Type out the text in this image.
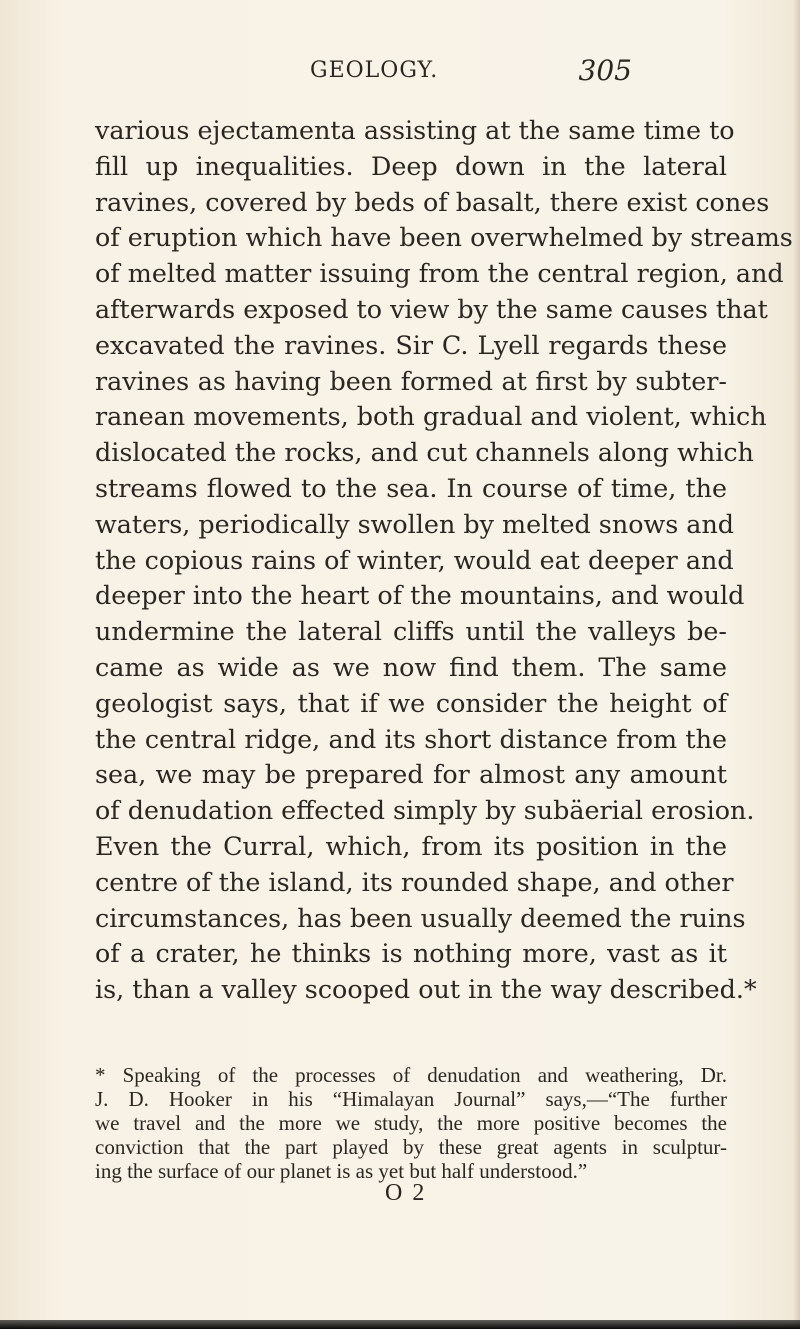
GEOLOGY.	305
various ejectamenta assisting at the same time to
fill up inequalities. Deep down in the lateral
ravines, covered by beds of basalt, there exist cones
of eruption which have been overwhelmed by streams
of melted matter issuing from the central region, and
afterwards exposed to view by the same causes that
excavated the ravines. Sir C. Lyell regards these
ravines as having been formed at first by subter-
ranean movements, both gradual and violent, which
dislocated the rocks, and cut channels along which
streams flowed to the sea. In course of time, the
waters, periodically swollen by melted snows and
the copious rains of winter, would eat deeper and
deeper into the heart of the mountains, and would
undermine the lateral cliffs until the valleys be-
came as wide as we now find them. The same
geologist says, that if we consider the height of
the central ridge, and its short distance from the
sea, we may be prepared for almost any amount
of denudation effected simply by subäerial erosion.
Even the Curral, which, from its position in the
centre of the island, its rounded shape, and other
circumstances, has been usually deemed the ruins
of a crater, he thinks is nothing more, vast as it
is, than a valley scooped out in the way described.*
* Speaking of the processes of denudation and weathering, Dr.
J. D. Hooker in his “Himalayan Journal” says,—“The further
we travel and the more we study, the more positive becomes the
conviction that the part played by these great agents in sculptur-
ing the surface of our planet is as yet but half understood.”
O 2
